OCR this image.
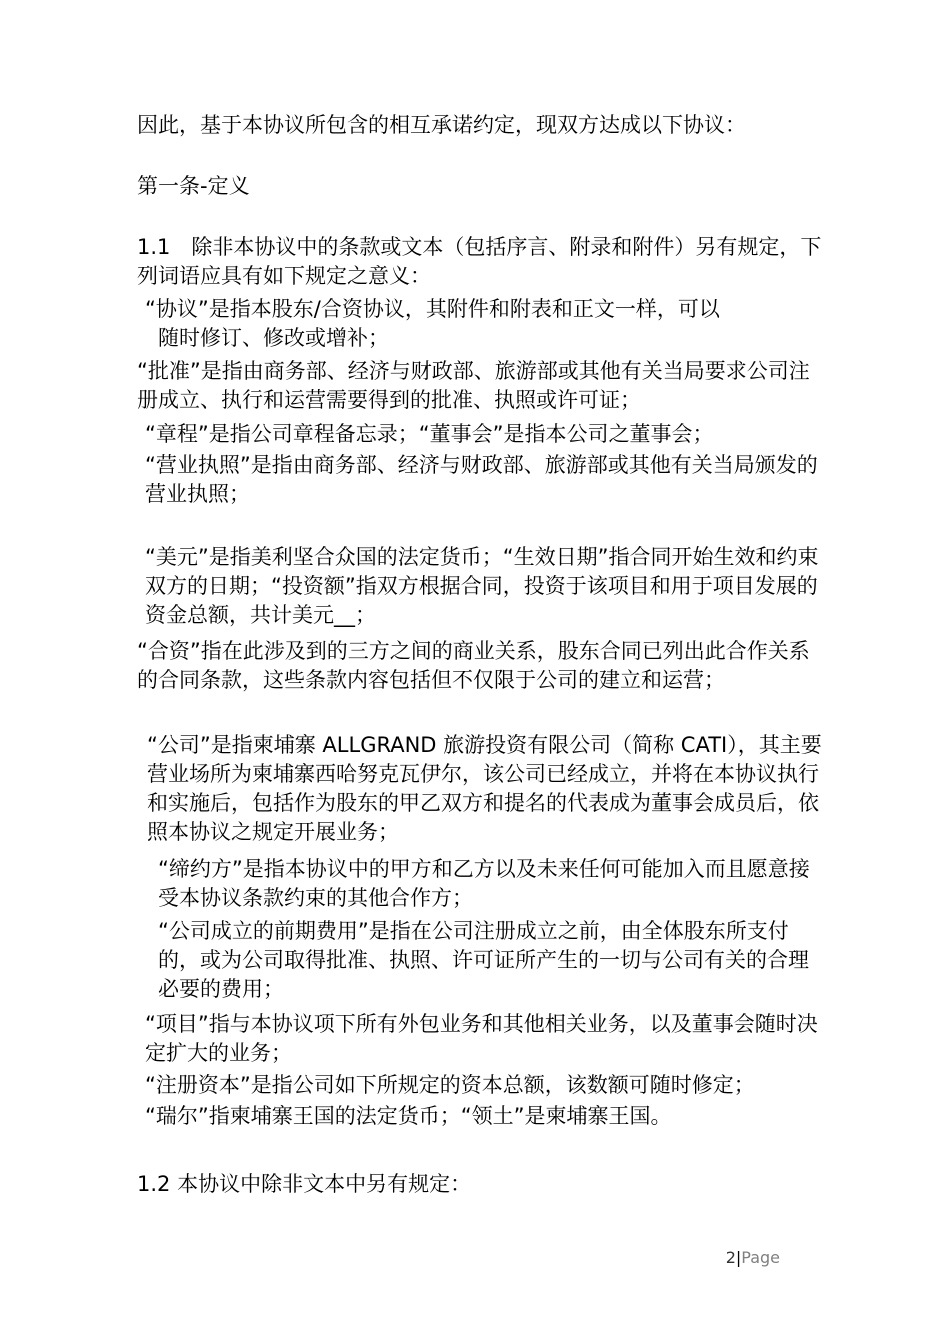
因此，基于本协议所包含的相互承诺约定，现双方达成以下协议：

第一条-定义

1.1　除非本协议中的条款或文本（包括序言、附录和附件）另有规定，下列词语应具有如下规定之意义：

“协议”是指本股东/合资协议，其附件和附表和正文一样，可以

随时修订、修改或增补；

“批准”是指由商务部、经济与财政部、旅游部或其他有关当局要求公司注册成立、执行和运营需要得到的批准、执照或许可证；

“章程”是指公司章程备忘录；“董事会”是指本公司之董事会；

“营业执照”是指由商务部、经济与财政部、旅游部或其他有关当局颁发的营业执照；

“美元”是指美利坚合众国的法定货币；“生效日期”指合同开始生效和约束双方的日期；“投资额”指双方根据合同，投资于该项目和用于项目发展的资金总额，共计美元__；

“合资”指在此涉及到的三方之间的商业关系，股东合同已列出此合作关系的合同条款，这些条款内容包括但不仅限于公司的建立和运营；

“公司”是指柬埔寨 ALLGRAND 旅游投资有限公司（简称 CATI），其主要营业场所为柬埔寨西哈努克瓦伊尔，该公司已经成立，并将在本协议执行和实施后，包括作为股东的甲乙双方和提名的代表成为董事会成员后，依照本协议之规定开展业务；

“缔约方”是指本协议中的甲方和乙方以及未来任何可能加入而且愿意接受本协议条款约束的其他合作方；

“公司成立的前期费用”是指在公司注册成立之前，由全体股东所支付的，或为公司取得批准、执照、许可证所产生的一切与公司有关的合理必要的费用；

“项目”指与本协议项下所有外包业务和其他相关业务，以及董事会随时决定扩大的业务；

“注册资本”是指公司如下所规定的资本总额，该数额可随时修定；

“瑞尔”指柬埔寨王国的法定货币；“领土”是柬埔寨王国。

1.2 本协议中除非文本中另有规定：

2|Page
